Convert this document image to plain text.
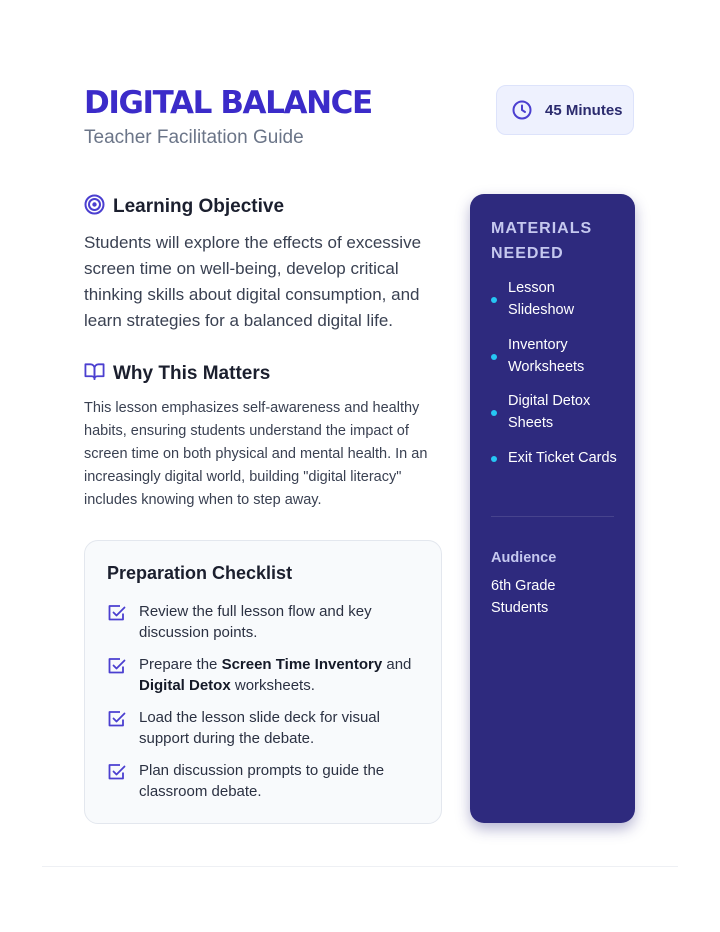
DIGITAL BALANCE
Teacher Facilitation Guide
45 Minutes
Learning Objective

Students will explore the effects of excessive screen time on well-being, develop critical thinking skills about digital consumption, and learn strategies for a balanced digital life.

Why This Matters

This lesson emphasizes self-awareness and healthy habits, ensuring students understand the impact of screen time on both physical and mental health. In an increasingly digital world, building "digital literacy" includes knowing when to step away.

Preparation Checklist
Review the full lesson flow and key discussion points.
Prepare the Screen Time Inventory and Digital Detox worksheets.
Load the lesson slide deck for visual support during the debate.
Plan discussion prompts to guide the classroom debate.
MATERIALS NEEDED
Lesson Slideshow
Inventory Worksheets
Digital Detox Sheets
Exit Ticket Cards
Audience
6th Grade Students
